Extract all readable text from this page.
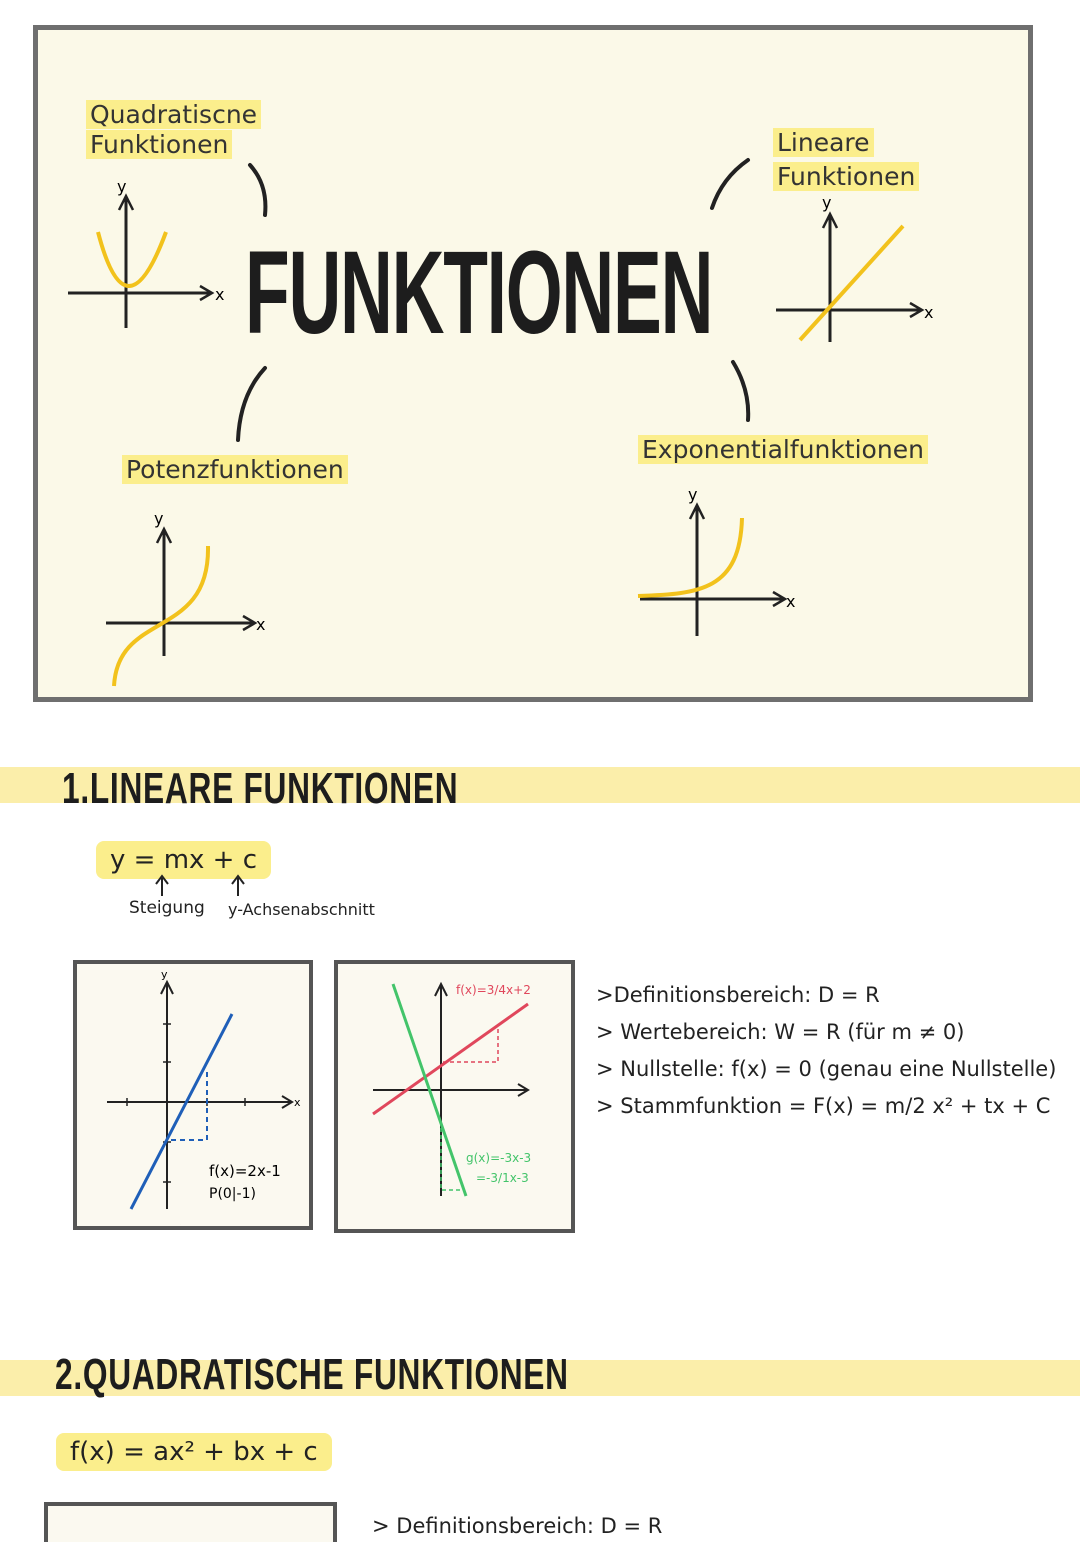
FUNKTIONEN
Quadratiscne
Funktionen	Lineare
Funktionen
Potenzfunktionen
Exponentialfunktionen
y
x
y
x
y
x
y
x
1.LINEARE FUNKTIONEN
y = mx + c
Steigung y-Achsenabschnitt
.
y
x
f(x)=2x-1
P(0|-1)
f(x)=3/4x+2
g(x)=-3x-3
=-3/1x-3
>Definitionsbereich: D = R
> Wertebereich: W = R (für m ≠ 0)
> Nullstelle: f(x) = 0 (genau eine Nullstelle)
> Stammfunktion = F(x) = m/2 x² + tx + C
2.QUADRATISCHE FUNKTIONEN
f(x) = ax² + bx + c
> Definitionsbereich: D = R
